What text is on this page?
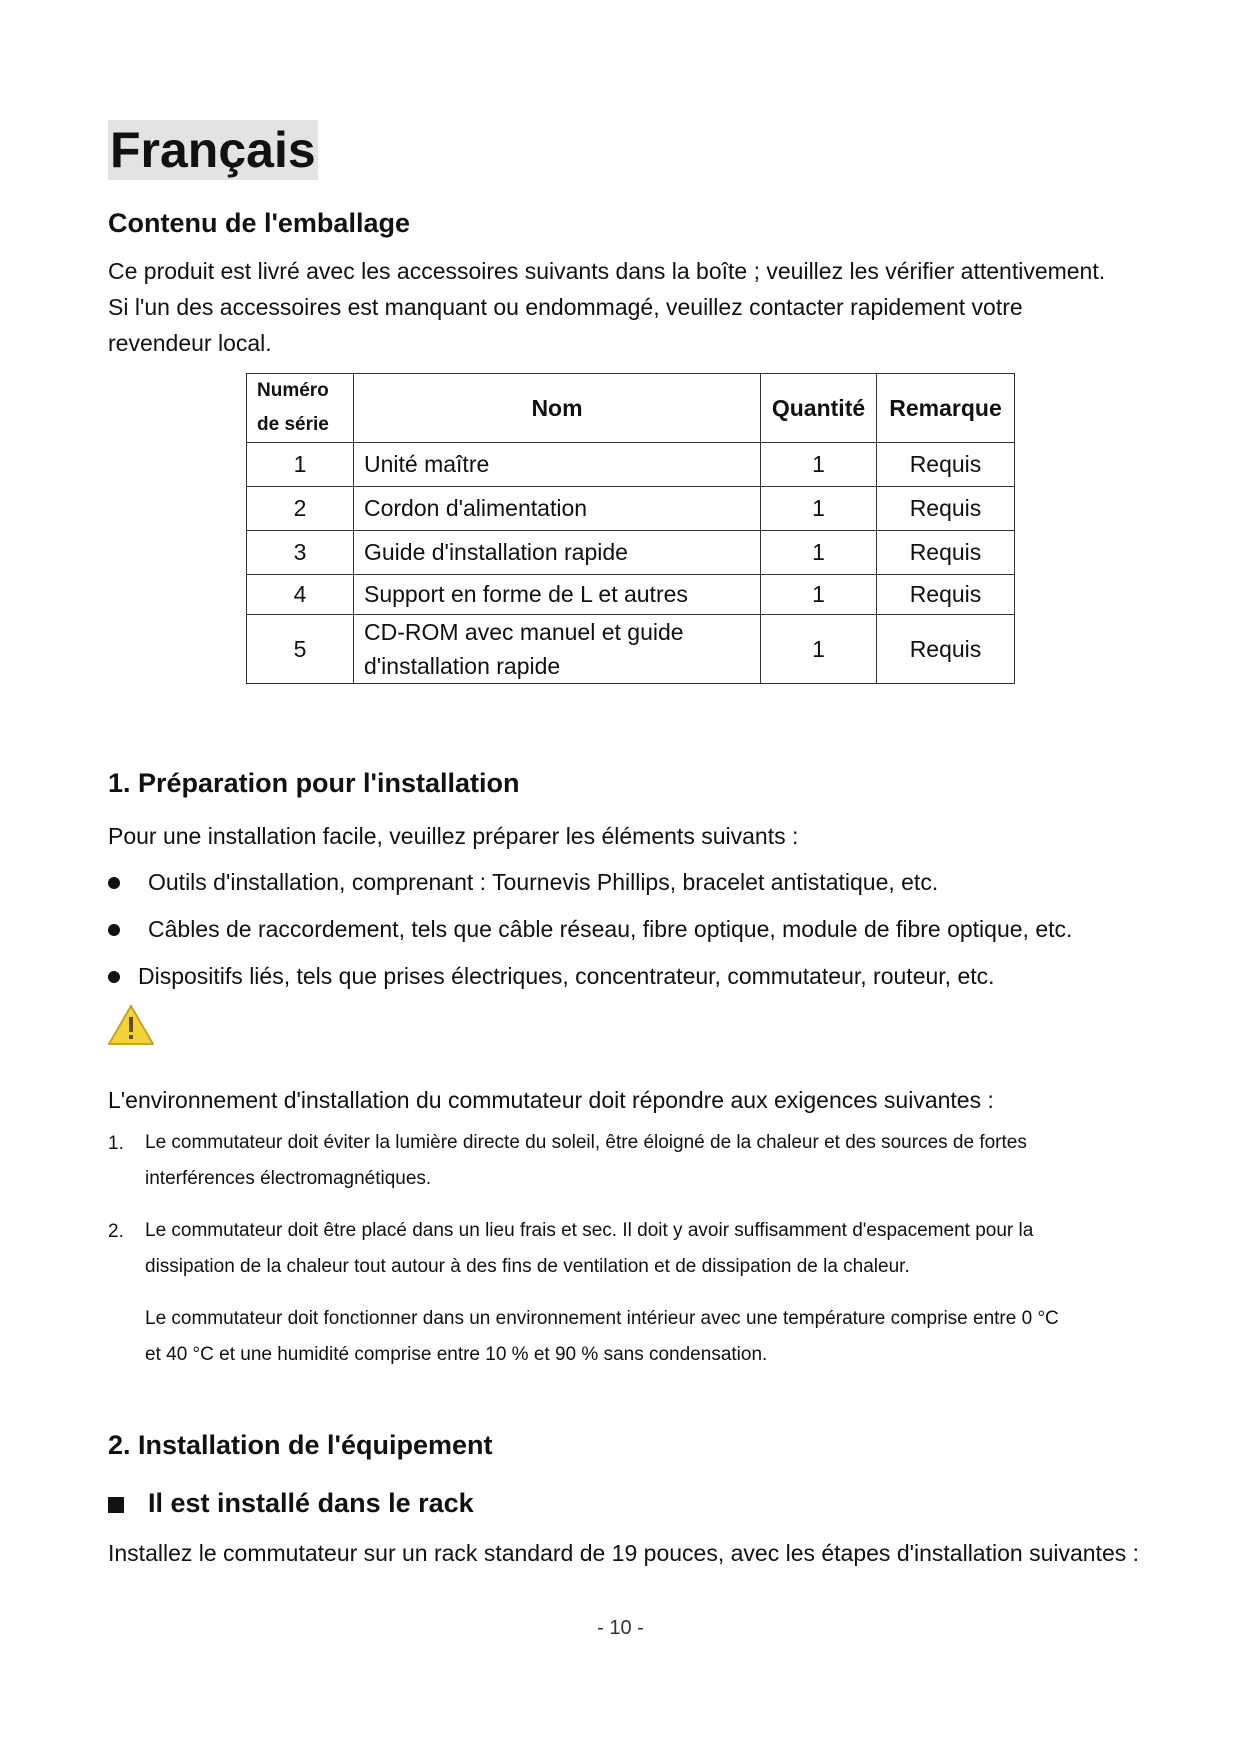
Français
Contenu de l'emballage
Ce produit est livré avec les accessoires suivants dans la boîte ; veuillez les vérifier attentivement.
Si l'un des accessoires est manquant ou endommagé, veuillez contacter rapidement votre
revendeur local.
Numéro
de série	Nom	Quantité	Remarque
1	Unité maître	1	Requis
2	Cordon d'alimentation	1	Requis
3	Guide d'installation rapide	1	Requis
4	Support en forme de L et autres	1	Requis
5	CD-ROM avec manuel et guide
d'installation rapide	1	Requis
1. Préparation pour l'installation
Pour une installation facile, veuillez préparer les éléments suivants :
Outils d'installation, comprenant : Tournevis Phillips, bracelet antistatique, etc.
Câbles de raccordement, tels que câble réseau, fibre optique, module de fibre optique, etc.
Dispositifs liés, tels que prises électriques, concentrateur, commutateur, routeur, etc.
L'environnement d'installation du commutateur doit répondre aux exigences suivantes :
1. Le commutateur doit éviter la lumière directe du soleil, être éloigné de la chaleur et des sources de fortes
interférences électromagnétiques.
2. Le commutateur doit être placé dans un lieu frais et sec. Il doit y avoir suffisamment d'espacement pour la
dissipation de la chaleur tout autour à des fins de ventilation et de dissipation de la chaleur.
Le commutateur doit fonctionner dans un environnement intérieur avec une température comprise entre 0 °C
et 40 °C et une humidité comprise entre 10 % et 90 % sans condensation.
2. Installation de l'équipement
Il est installé dans le rack
Installez le commutateur sur un rack standard de 19 pouces, avec les étapes d'installation suivantes :
- 10 -
